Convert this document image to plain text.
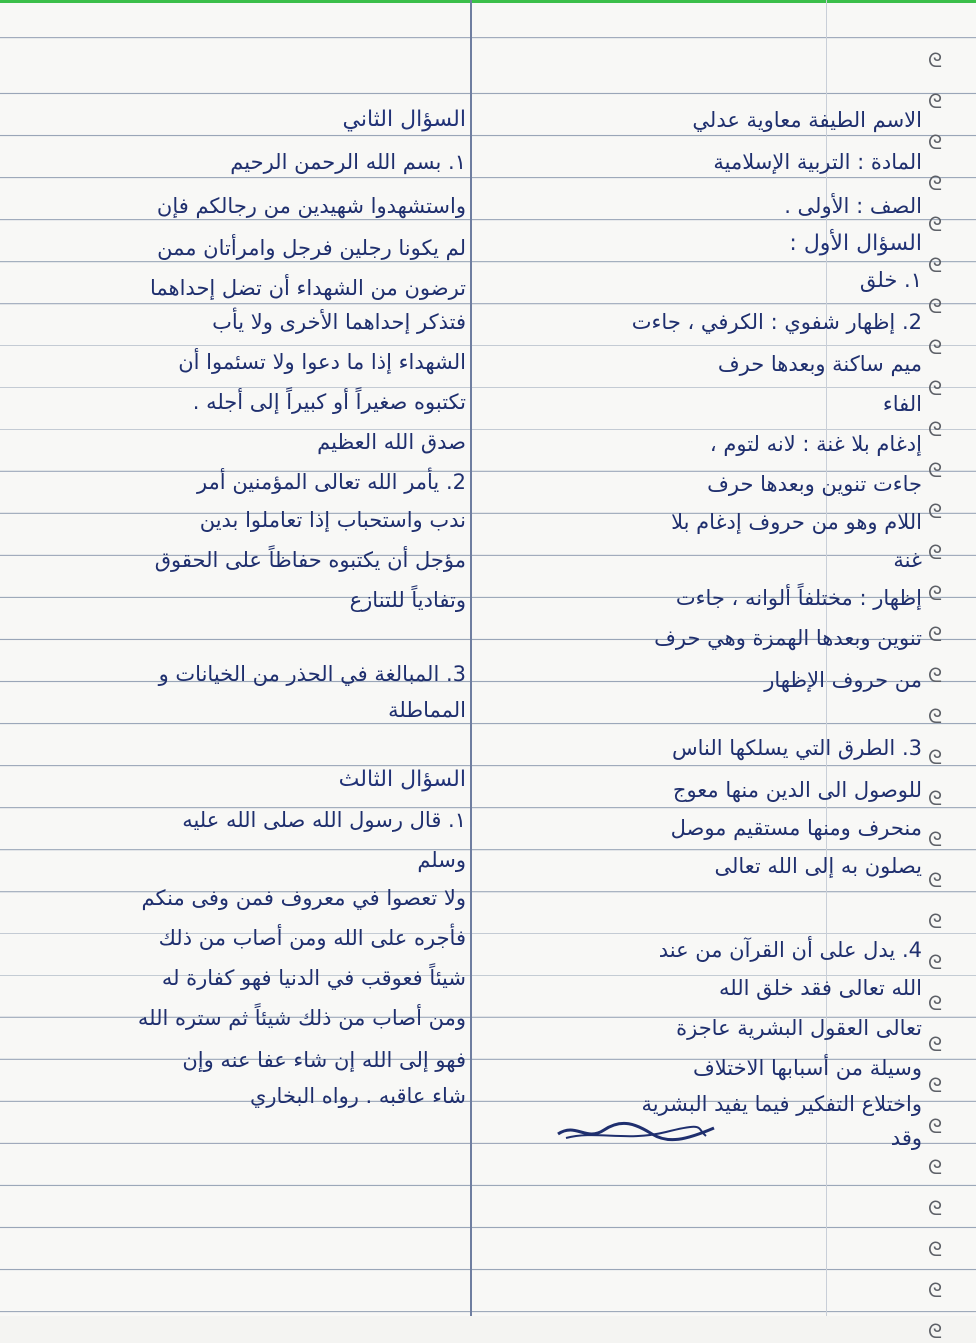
ᘓ
ᘓ
ᘓ
ᘓ
ᘓ
ᘓ
ᘓ
ᘓ
ᘓ
ᘓ
ᘓ
ᘓ
ᘓ
ᘓ
ᘓ
ᘓ
ᘓ
ᘓ
ᘓ
ᘓ
ᘓ
ᘓ
ᘓ
ᘓ
ᘓ
ᘓ
ᘓ
ᘓ
ᘓ
ᘓ
ᘓ
ᘓ
الاسم الطيفة معاوية عدلي
المادة : التربية الإسلامية
الصف : الأولى .
السؤال الأول :
١. خلق
2. إظهار شفوي : الكرفي ، جاءت
ميم ساكنة وبعدها حرف
الفاء
إدغام بلا غنة : لانه لتوم ،
جاءت تنوين وبعدها حرف
اللام وهو من حروف إدغام بلا
غنة
إظهار : مختلفاً ألوانه ، جاءت
تنوين وبعدها الهمزة وهي حرف
من حروف الإظهار
3. الطرق التي يسلكها الناس
للوصول الى الدين منها معوج
منحرف ومنها مستقيم موصل
يصلون به إلى الله تعالى
4. يدل على أن القرآن من عند
الله تعالى فقد خلق الله
تعالى العقول البشرية عاجزة
وسيلة من أسبابها الاختلاف
واختلاع التفكير فيما يفيد البشرية
وقد
السؤال الثاني
١. بسم الله الرحمن الرحيم
واستشهدوا شهيدين من رجالكم فإن
لم يكونا رجلين فرجل وامرأتان ممن
ترضون من الشهداء أن تضل إحداهما
فتذكر إحداهما الأخرى ولا يأب
الشهداء إذا ما دعوا ولا تسئموا أن
تكتبوه صغيراً أو كبيراً إلى أجله .
صدق الله العظيم
2. يأمر الله تعالى المؤمنين أمر
ندب واستحباب إذا تعاملوا بدين
مؤجل أن يكتبوه حفاظاً على الحقوق
وتفادياً للتنازع
3. المبالغة في الحذر من الخيانات و
المماطلة
السؤال الثالث
١. قال رسول الله صلى الله عليه
وسلم
ولا تعصوا في معروف فمن وفى منكم
فأجره على الله ومن أصاب من ذلك
شيئاً فعوقب في الدنيا فهو كفارة له
ومن أصاب من ذلك شيئاً ثم ستره الله
فهو إلى الله إن شاء عفا عنه وإن
شاء عاقبه . رواه البخاري
